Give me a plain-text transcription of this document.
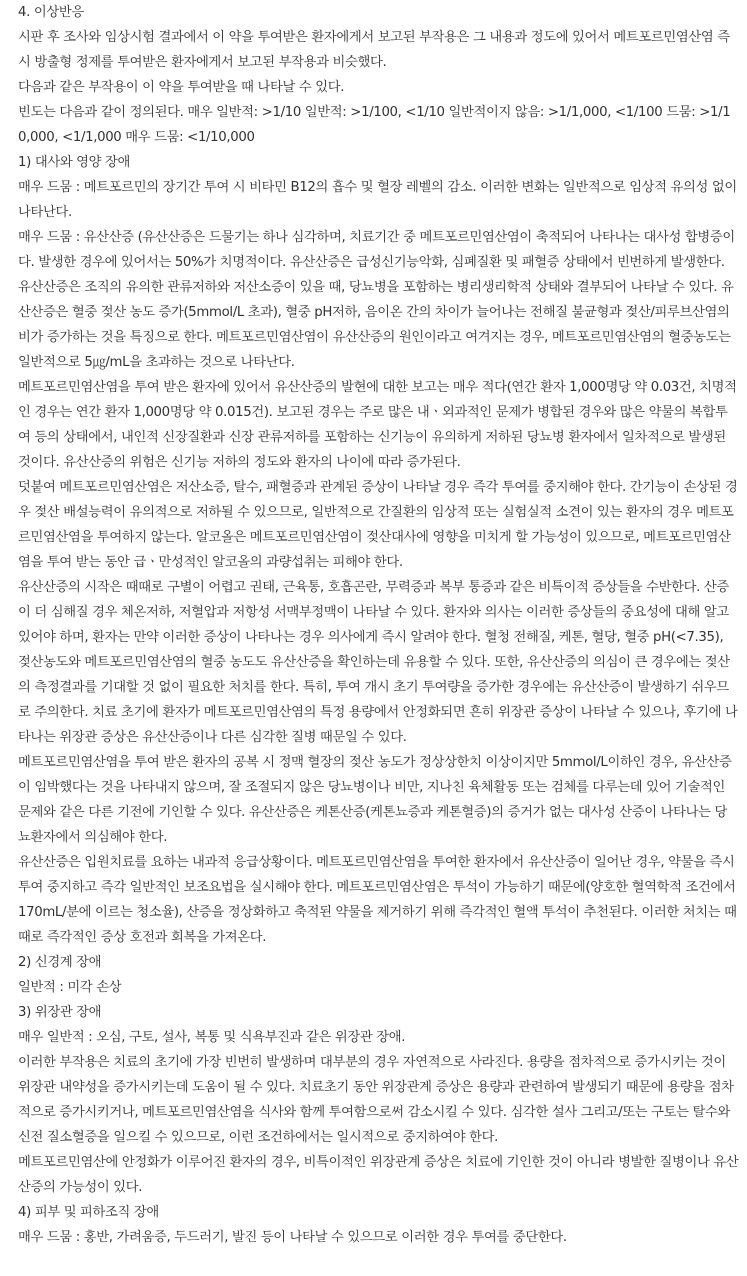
4. 이상반응

시판 후 조사와 임상시험 결과에서 이 약을 투여받은 환자에게서 보고된 부작용은 그 내용과 정도에 있어서 메트포르민염산염 즉시 방출형 정제를 투여받은 환자에게서 보고된 부작용과 비슷했다.

다음과 같은 부작용이 이 약을 투여받을 때 나타날 수 있다.

빈도는 다음과 같이 정의된다. 매우 일반적: >1/10 일반적: >1/100, <1/10 일반적이지 않음: >1/1,000, <1/100 드뭄: >1/10,000, <1/1,000 매우 드뭄: <1/10,000

1) 대사와 영양 장애

매우 드뭄 : 메트포르민의 장기간 투여 시 비타민 B12의 흡수 및 혈장 레벨의 감소. 이러한 변화는 일반적으로 임상적 유의성 없이 나타난다.

매우 드뭄 : 유산산증 (유산산증은 드물기는 하나 심각하며, 치료기간 중 메트포르민염산염이 축적되어 나타나는 대사성 합병증이다. 발생한 경우에 있어서는 50%가 치명적이다. 유산산증은 급성신기능악화, 심폐질환 및 패혈증 상태에서 빈번하게 발생한다. 유산산증은 조직의 유의한 관류저하와 저산소증이 있을 때, 당뇨병을 포함하는 병리생리학적 상태와 결부되어 나타날 수 있다. 유산산증은 혈중 젖산 농도 증가(5mmol/L 초과), 혈중 pH저하, 음이온 간의 차이가 늘어나는 전해질 불균형과 젖산/피루브산염의 비가 증가하는 것을 특징으로 한다. 메트포르민염산염이 유산산증의 원인이라고 여겨지는 경우, 메트포르민염산염의 혈중농도는 일반적으로 5㎍/mL을 초과하는 것으로 나타난다.

메트포르민염산염을 투여 받은 환자에 있어서 유산산증의 발현에 대한 보고는 매우 적다(연간 환자 1,000명당 약 0.03건, 치명적인 경우는 연간 환자 1,000명당 약 0.015건). 보고된 경우는 주로 많은 내ㆍ외과적인 문제가 병합된 경우와 많은 약물의 복합투여 등의 상태에서, 내인적 신장질환과 신장 관류저하를 포함하는 신기능이 유의하게 저하된 당뇨병 환자에서 일차적으로 발생된 것이다. 유산산증의 위험은 신기능 저하의 정도와 환자의 나이에 따라 증가된다.

덧붙여 메트포르민염산염은 저산소증, 탈수, 패혈증과 관계된 증상이 나타날 경우 즉각 투여를 중지해야 한다. 간기능이 손상된 경우 젖산 배설능력이 유의적으로 저하될 수 있으므로, 일반적으로 간질환의 임상적 또는 실험실적 소견이 있는 환자의 경우 메트포르민염산염을 투여하지 않는다. 알코올은 메트포르민염산염이 젖산대사에 영향을 미치게 할 가능성이 있으므로, 메트포르민염산염을 투여 받는 동안 급ㆍ만성적인 알코올의 과량섭취는 피해야 한다.

유산산증의 시작은 때때로 구별이 어렵고 권태, 근육통, 호흡곤란, 무력증과 복부 통증과 같은 비특이적 증상들을 수반한다. 산증이 더 심해질 경우 체온저하, 저혈압과 저항성 서맥부정맥이 나타날 수 있다. 환자와 의사는 이러한 증상들의 중요성에 대해 알고 있어야 하며, 환자는 만약 이러한 증상이 나타나는 경우 의사에게 즉시 알려야 한다. 혈청 전해질, 케톤, 혈당, 혈중 pH(<7.35), 젖산농도와 메트포르민염산염의 혈중 농도도 유산산증을 확인하는데 유용할 수 있다. 또한, 유산산증의 의심이 큰 경우에는 젖산의 측정결과를 기대할 것 없이 필요한 처치를 한다. 특히, 투여 개시 초기 투여량을 증가한 경우에는 유산산증이 발생하기 쉬우므로 주의한다. 치료 초기에 환자가 메트포르민염산염의 특정 용량에서 안정화되면 흔히 위장관 증상이 나타날 수 있으나, 후기에 나타나는 위장관 증상은 유산산증이나 다른 심각한 질병 때문일 수 있다.

메트포르민염산염을 투여 받은 환자의 공복 시 정맥 혈장의 젖산 농도가 정상상한치 이상이지만 5mmol/L이하인 경우, 유산산증이 임박했다는 것을 나타내지 않으며, 잘 조절되지 않은 당뇨병이나 비만, 지나친 육체활동 또는 검체를 다루는데 있어 기술적인 문제와 같은 다른 기전에 기인할 수 있다. 유산산증은 케톤산증(케톤뇨증과 케톤혈증)의 증거가 없는 대사성 산증이 나타나는 당뇨환자에서 의심해야 한다.

유산산증은 입원치료를 요하는 내과적 응급상황이다. 메트포르민염산염을 투여한 환자에서 유산산증이 일어난 경우, 약물을 즉시 투여 중지하고 즉각 일반적인 보조요법을 실시해야 한다. 메트포르민염산염은 투석이 가능하기 때문에(양호한 혈역학적 조건에서 170mL/분에 이르는 청소율), 산증을 정상화하고 축적된 약물을 제거하기 위해 즉각적인 혈액 투석이 추천된다. 이러한 처치는 때때로 즉각적인 증상 호전과 회복을 가져온다.

2) 신경계 장애

일반적 : 미각 손상

3) 위장관 장애

매우 일반적 : 오심, 구토, 설사, 복통 및 식욕부진과 같은 위장관 장애.

이러한 부작용은 치료의 초기에 가장 빈번히 발생하며 대부분의 경우 자연적으로 사라진다. 용량을 점차적으로 증가시키는 것이 위장관 내약성을 증가시키는데 도움이 될 수 있다. 치료초기 동안 위장관계 증상은 용량과 관련하여 발생되기 때문에 용량을 점차적으로 증가시키거나, 메트포르민염산염을 식사와 함께 투여함으로써 감소시킬 수 있다. 심각한 설사 그리고/또는 구토는 탈수와 신전 질소혈증을 일으킬 수 있으므로, 이런 조건하에서는 일시적으로 중지하여야 한다.

메트포르민염산에 안정화가 이루어진 환자의 경우, 비특이적인 위장관계 증상은 치료에 기인한 것이 아니라 병발한 질병이나 유산산증의 가능성이 있다.

4) 피부 및 피하조직 장애

매우 드뭄 : 홍반, 가려움증, 두드러기, 발진 등이 나타날 수 있으므로 이러한 경우 투여를 중단한다.
